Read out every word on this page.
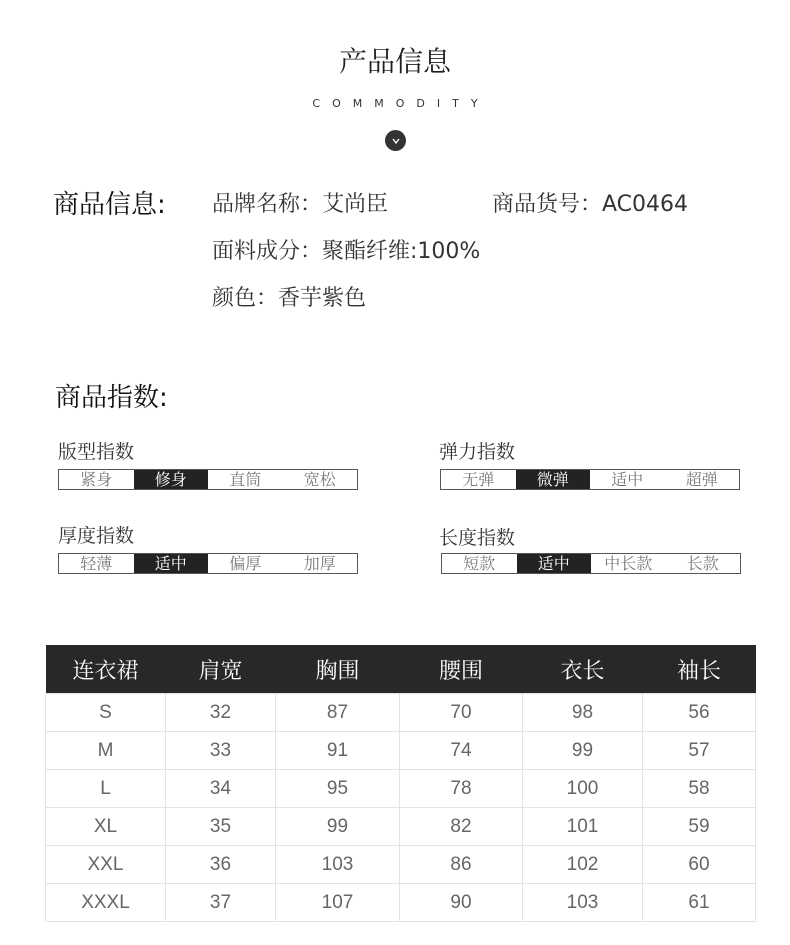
产品信息
COMMODITY
商品信息: 品牌名称：艾尚臣	商品货号：AC0464
面料成分：聚酯纤维:100%
颜色：香芋紫色
商品指数:
版型指数
紧身	修身	直筒	宽松
弹力指数
无弹	微弹	适中	超弹
厚度指数
轻薄	适中	偏厚	加厚
长度指数
短款	适中	中长款	长款
连衣裙	肩宽	胸围	腰围	衣长	袖长
S	32	87	70	98	56
M	33	91	74	99	57
L	34	95	78	100	58
XL	35	99	82	101	59
XXL	36	103	86	102	60
XXXL	37	107	90	103	61
